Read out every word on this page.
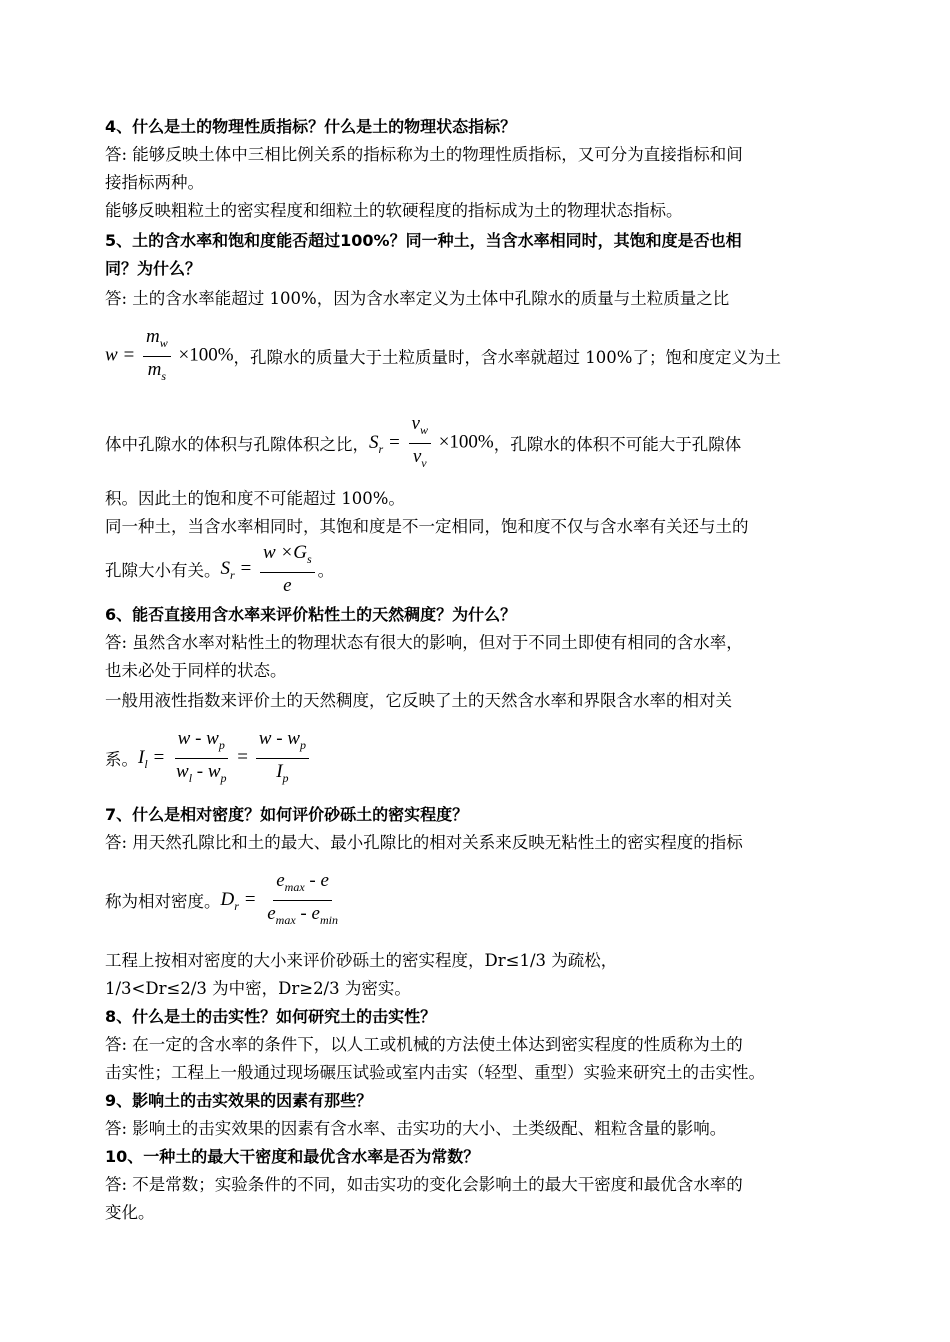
4、什么是土的物理性质指标？什么是土的物理状态指标？
答: 能够反映土体中三相比例关系的指标称为土的物理性质指标，又可分为直接指标和间
接指标两种。
能够反映粗粒土的密实程度和细粒土的软硬程度的指标成为土的物理状态指标。
5、土的含水率和饱和度能否超过100%？同一种土，当含水率相同时，其饱和度是否也相
同？为什么？
答: 土的含水率能超过 100%，因为含水率定义为土体中孔隙水的质量与土粒质量之比
$w = \frac{m_w}{m_s} \times 100\%$ ，孔隙水的质量大于土粒质量时，含水率就超过 100%了；饱和度定义为土
体中孔隙水的体积与孔隙体积之比， $S_r = \frac{v_w}{v_v} \times 100\%$ ，孔隙水的体积不可能大于孔隙体
积。因此土的饱和度不可能超过 100%。
同一种土，当含水率相同时，其饱和度是不一定相同，饱和度不仅与含水率有关还与土的
孔隙大小有关。 $S_r = \frac{w \times G_s}{e}$ 。
6、能否直接用含水率来评价粘性土的天然稠度？为什么？
答: 虽然含水率对粘性土的物理状态有很大的影响，但对于不同土即使有相同的含水率，
也未必处于同样的状态。
一般用液性指数来评价土的天然稠度，它反映了土的天然含水率和界限含水率的相对关
系。 $I_l = \frac{w - w_p}{w_l - w_p} = \frac{w - w_p}{I_p}$
7、什么是相对密度？如何评价砂砾土的密实程度？
答: 用天然孔隙比和土的最大、最小孔隙比的相对关系来反映无粘性土的密实程度的指标
称为相对密度。 $D_r = \frac{e_{max} - e}{e_{max} - e_{min}}$
工程上按相对密度的大小来评价砂砾土的密实程度，Dr≤1/3 为疏松，
1/3<Dr≤2/3 为中密，Dr≥2/3 为密实。
8、什么是土的击实性？如何研究土的击实性？
答: 在一定的含水率的条件下，以人工或机械的方法使土体达到密实程度的性质称为土的
击实性；工程上一般通过现场碾压试验或室内击实（轻型、重型）实验来研究土的击实性。
9、影响土的击实效果的因素有那些？
答: 影响土的击实效果的因素有含水率、击实功的大小、土类级配、粗粒含量的影响。
10、一种土的最大干密度和最优含水率是否为常数？
答: 不是常数；实验条件的不同，如击实功的变化会影响土的最大干密度和最优含水率的
变化。
